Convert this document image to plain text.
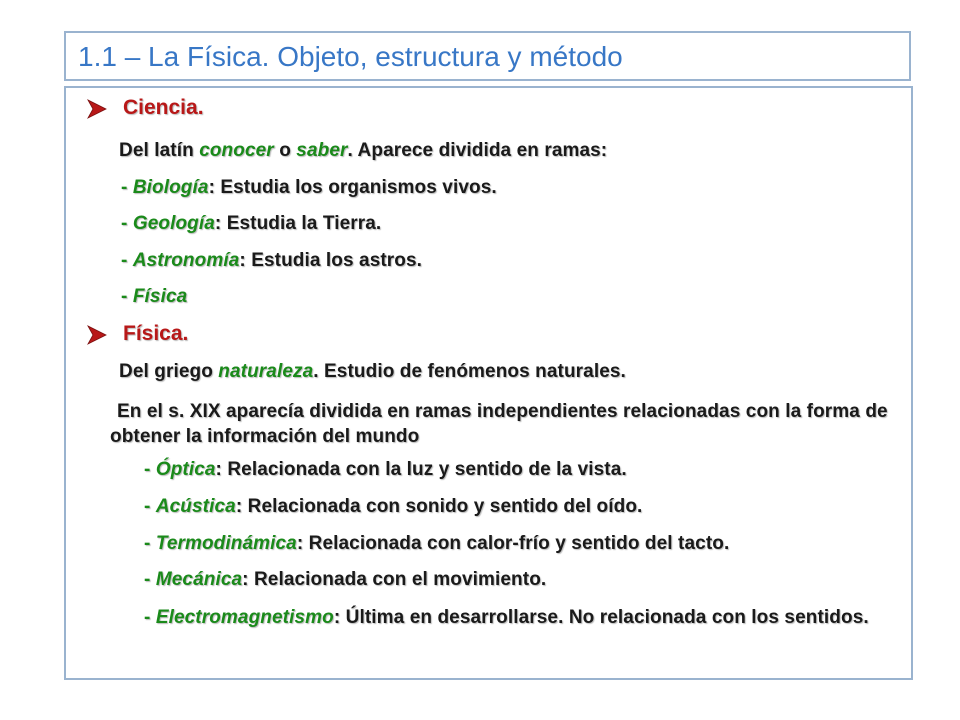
1.1 – La Física. Objeto, estructura y método
Ciencia.
Del latín conocer o saber. Aparece dividida en ramas:
- Biología: Estudia los organismos vivos.
- Geología: Estudia la Tierra.
- Astronomía: Estudia los astros.
- Física
Física.
Del griego naturaleza. Estudio de fenómenos naturales.
En el s. XIX aparecía dividida en ramas independientes relacionadas con la forma de obtener la información del mundo
- Óptica: Relacionada con la luz y sentido de la vista.
- Acústica: Relacionada con sonido y sentido del oído.
- Termodinámica: Relacionada con calor-frío y sentido del tacto.
- Mecánica: Relacionada con el movimiento.
- Electromagnetismo: Última en desarrollarse. No relacionada con los sentidos.
